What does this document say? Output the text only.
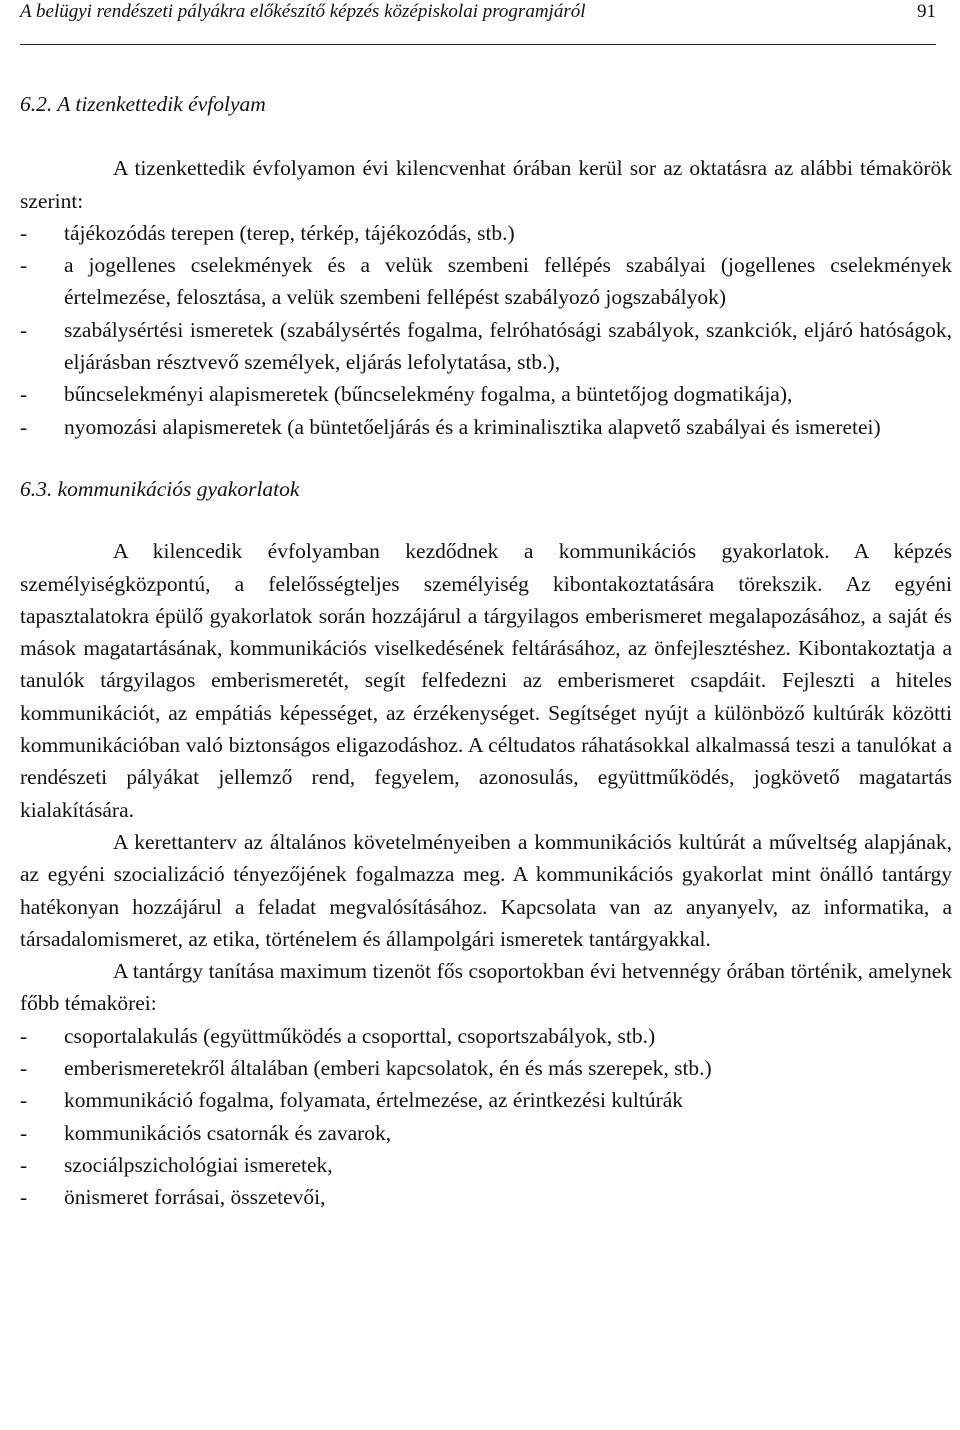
A belügyi rendészeti pályákra előkészítő képzés középiskolai programjáról	91

6.2. A tizenkettedik évfolyam

A tizenkettedik évfolyamon évi kilencvenhat órában kerül sor az oktatásra az alábbi témakörök szerint:

-	tájékozódás terepen (terep, térkép, tájékozódás, stb.)
-	a jogellenes cselekmények és a velük szembeni fellépés szabályai (jogellenes cselekmények értelmezése, felosztása, a velük szembeni fellépést szabályozó jogszabályok)
-	szabálysértési ismeretek (szabálysértés fogalma, felróhatósági szabályok, szankciók, eljáró hatóságok, eljárásban résztvevő személyek, eljárás lefolytatása, stb.),
-	bűncselekményi alapismeretek (bűncselekmény fogalma, a büntetőjog dogmatikája),
-	nyomozási alapismeretek (a büntetőeljárás és a kriminalisztika alapvető szabályai és ismeretei)

6.3. kommunikációs gyakorlatok

A kilencedik évfolyamban kezdődnek a kommunikációs gyakorlatok. A képzés személyiségközpontú, a felelősségteljes személyiség kibontakoztatására törekszik. Az egyéni tapasztalatokra épülő gyakorlatok során hozzájárul a tárgyilagos emberismeret megalapozásához, a saját és mások magatartásának, kommunikációs viselkedésének feltárásához, az önfejlesztéshez. Kibontakoztatja a tanulók tárgyilagos emberismeretét, segít felfedezni az emberismeret csapdáit. Fejleszti a hiteles kommunikációt, az empátiás képességet, az érzékenységet. Segítséget nyújt a különböző kultúrák közötti kommunikációban való biztonságos eligazodáshoz. A céltudatos ráhatásokkal alkalmassá teszi a tanulókat a rendészeti pályákat jellemző rend, fegyelem, azonosulás, együttműködés, jogkövető magatartás kialakítására.

A kerettanterv az általános követelményeiben a kommunikációs kultúrát a műveltség alapjának, az egyéni szocializáció tényezőjének fogalmazza meg. A kommunikációs gyakorlat mint önálló tantárgy hatékonyan hozzájárul a feladat megvalósításához. Kapcsolata van az anyanyelv, az informatika, a társadalomismeret, az etika, történelem és állampolgári ismeretek tantárgyakkal.

A tantárgy tanítása maximum tizenöt fős csoportokban évi hetvennégy órában történik, amelynek főbb témakörei:

-	csoportalakulás (együttműködés a csoporttal, csoportszabályok, stb.)
-	emberismeretekről általában (emberi kapcsolatok, én és más szerepek, stb.)
-	kommunikáció fogalma, folyamata, értelmezése, az érintkezési kultúrák
-	kommunikációs csatornák és zavarok,
-	szociálpszichológiai ismeretek,
-	önismeret forrásai, összetevői,
